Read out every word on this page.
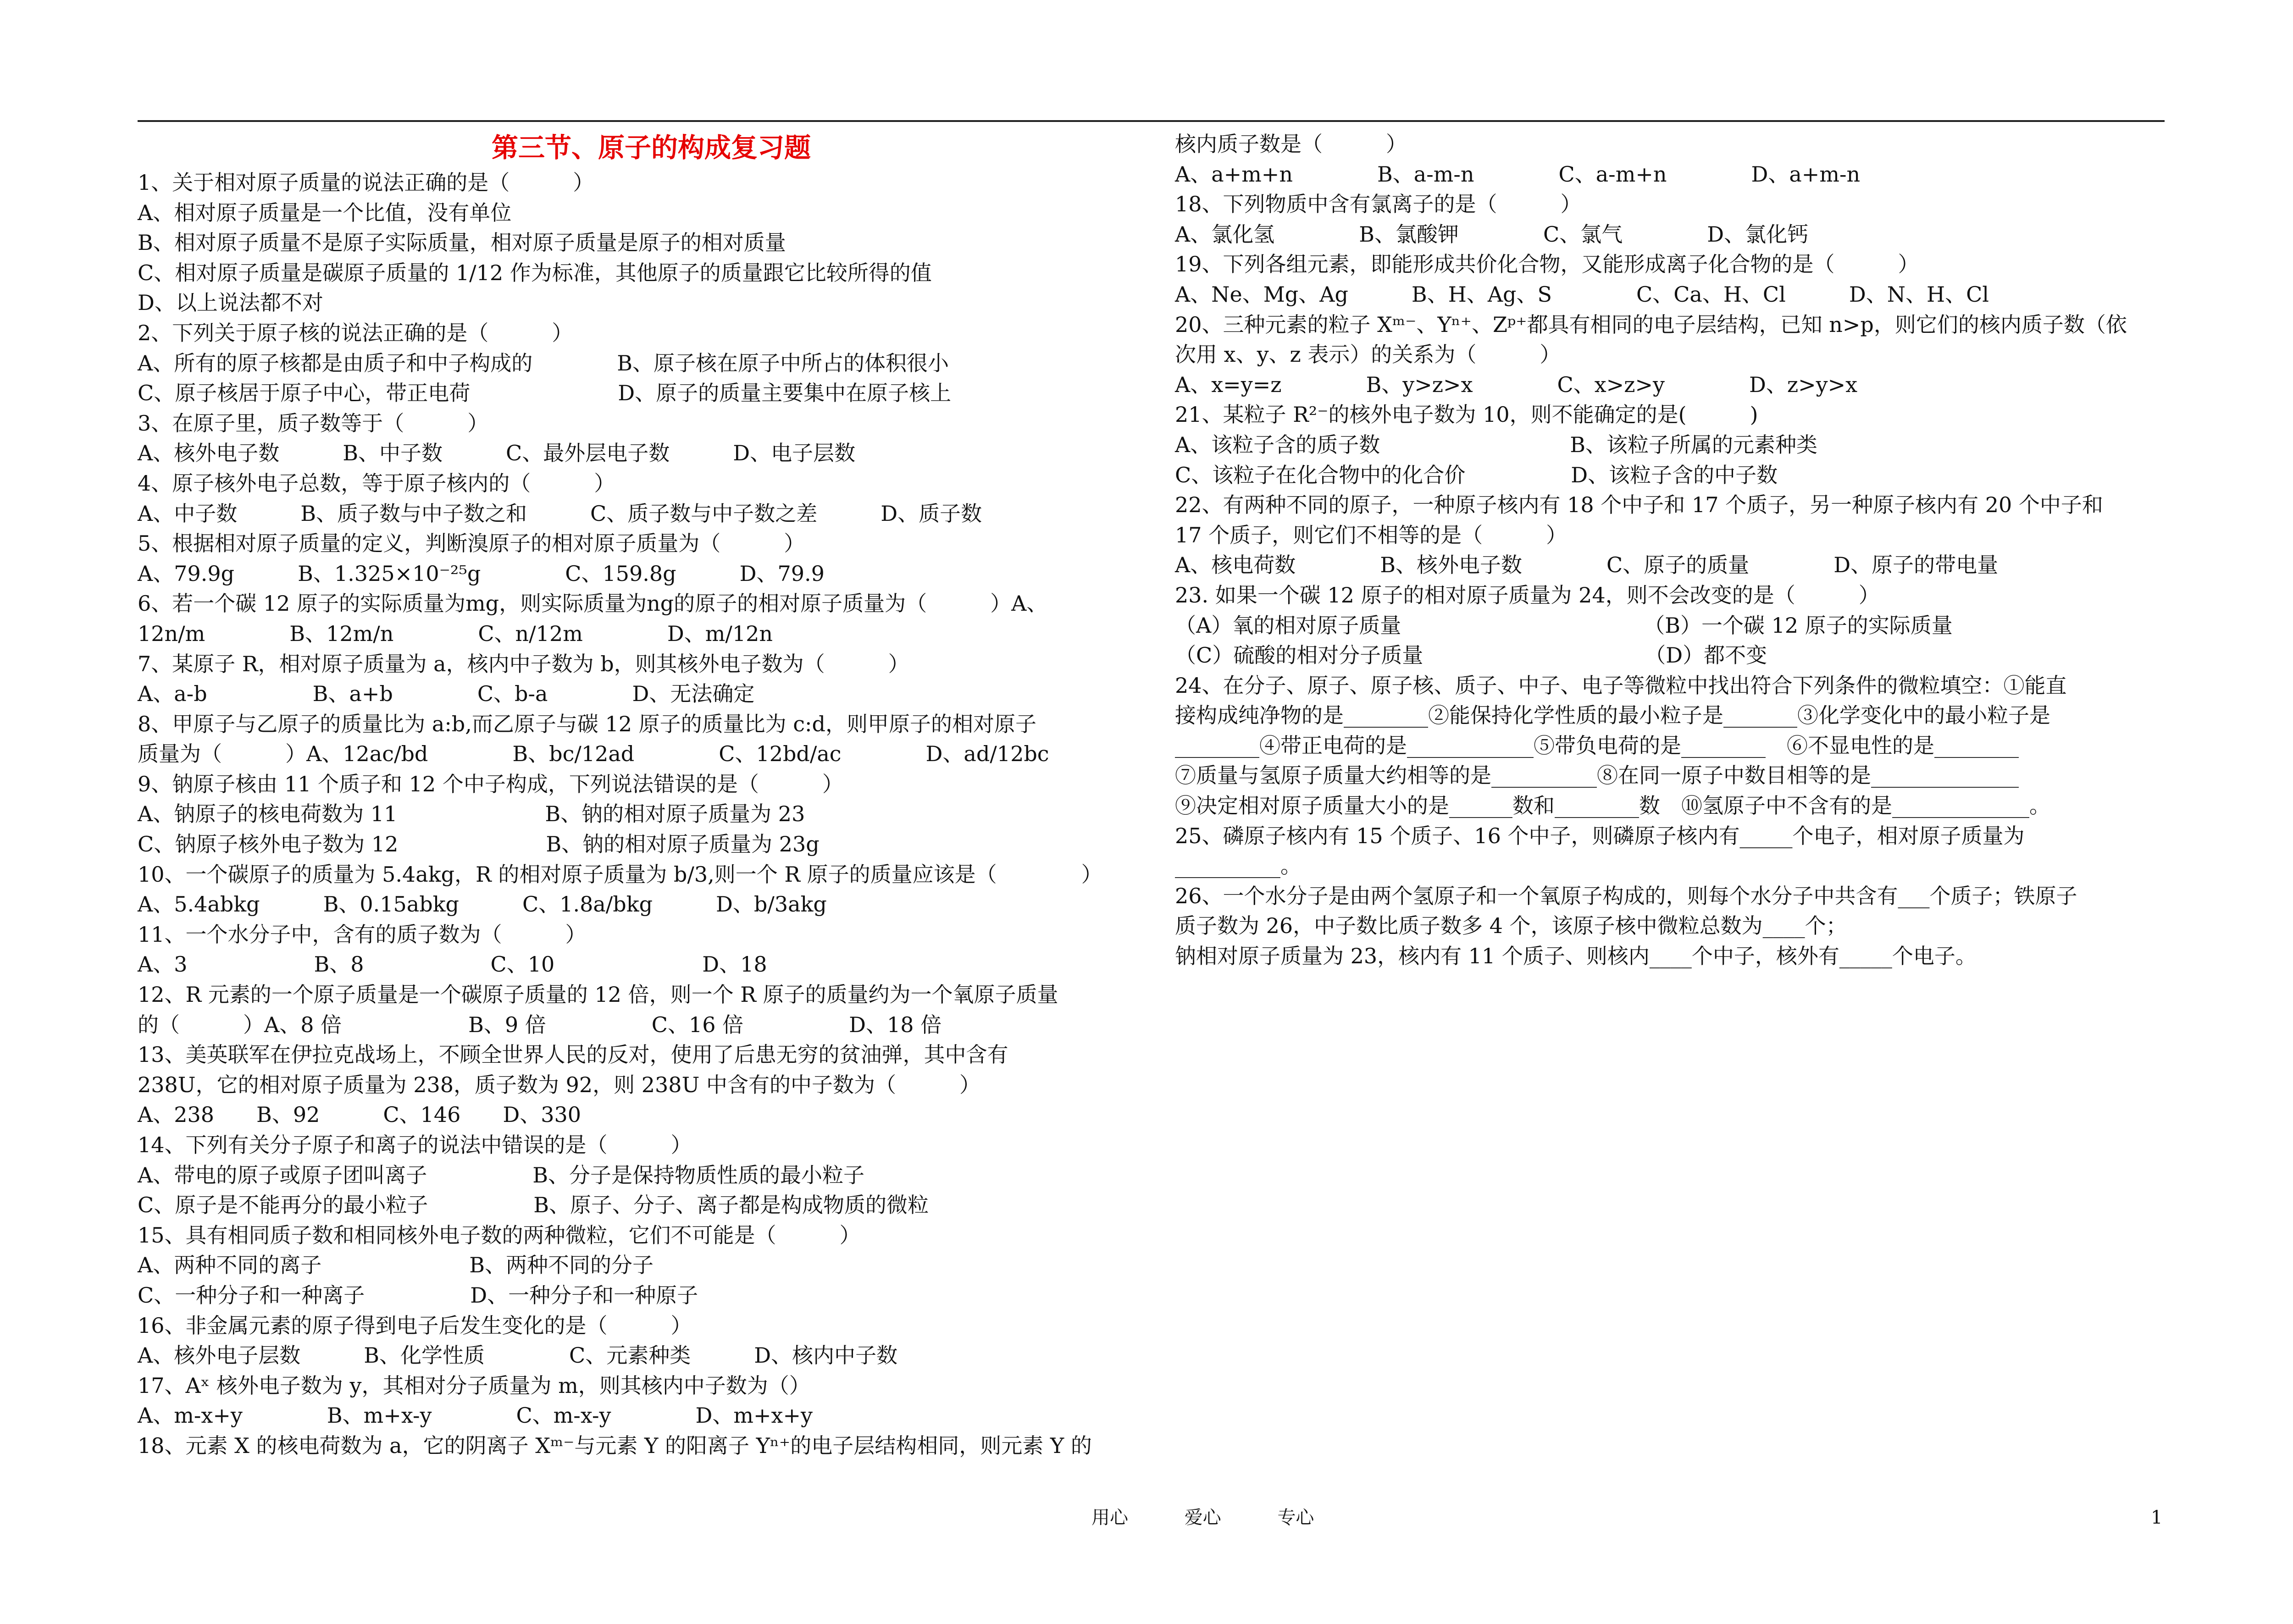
第三节、原子的构成复习题
1、关于相对原子质量的说法正确的是（　　　）
A、相对原子质量是一个比值，没有单位
B、相对原子质量不是原子实际质量，相对原子质量是原子的相对质量
C、相对原子质量是碳原子质量的 1/12 作为标准，其他原子的质量跟它比较所得的值
D、以上说法都不对
2、下列关于原子核的说法正确的是（　　　）
A、所有的原子核都是由质子和中子构成的　　　　B、原子核在原子中所占的体积很小
C、原子核居于原子中心，带正电荷　　　　　　　D、原子的质量主要集中在原子核上
3、在原子里，质子数等于（　　　）
A、核外电子数　　　B、中子数　　　C、最外层电子数　　　D、电子层数
4、原子核外电子总数，等于原子核内的（　　　）
A、中子数　　　B、质子数与中子数之和　　　C、质子数与中子数之差　　　D、质子数
5、根据相对原子质量的定义，判断溴原子的相对原子质量为（　　　）
A、79.9g　　　B、1.325×10⁻²⁵g　　　　C、159.8g　　　D、79.9
6、若一个碳 12 原子的实际质量为mg，则实际质量为ng的原子的相对原子质量为（　　　）A、
12n/m　　　　B、12m/n　　　　C、n/12m　　　　D、m/12n
7、某原子 R，相对原子质量为 a，核内中子数为 b，则其核外电子数为（　　　）
A、a-b　　　　　B、a+b　　　　C、b-a　　　　D、无法确定
8、甲原子与乙原子的质量比为 a:b,而乙原子与碳 12 原子的质量比为 c:d，则甲原子的相对原子
质量为（　　　）A、12ac/bd　　　　B、bc/12ad　　　　C、12bd/ac　　　　D、ad/12bc
9、钠原子核由 11 个质子和 12 个中子构成，下列说法错误的是（　　　）
A、钠原子的核电荷数为 11　　　　　　　B、钠的相对原子质量为 23
C、钠原子核外电子数为 12　　　　　　　B、钠的相对原子质量为 23g
10、一个碳原子的质量为 5.4akg，R 的相对原子质量为 b/3,则一个 R 原子的质量应该是（　　　　）
A、5.4abkg　　　B、0.15abkg　　　C、1.8a/bkg　　　D、b/3akg
11、一个水分子中，含有的质子数为（　　　）
A、3　　　　　　B、8　　　　　　C、10　　　　　　　D、18
12、R 元素的一个原子质量是一个碳原子质量的 12 倍，则一个 R 原子的质量约为一个氧原子质量
的（　　　）A、8 倍　　　　　　B、9 倍　　　　　C、16 倍　　　　　D、18 倍
13、美英联军在伊拉克战场上，不顾全世界人民的反对，使用了后患无穷的贫油弹，其中含有
238U，它的相对原子质量为 238，质子数为 92，则 238U 中含有的中子数为（　　　）
A、238　　B、92　　　C、146　　D、330
14、下列有关分子原子和离子的说法中错误的是（　　　）
A、带电的原子或原子团叫离子　　　　　B、分子是保持物质性质的最小粒子
C、原子是不能再分的最小粒子　　　　　B、原子、分子、离子都是构成物质的微粒
15、具有相同质子数和相同核外电子数的两种微粒，它们不可能是（　　　）
A、两种不同的离子　　　　　　　B、两种不同的分子
C、一种分子和一种离子　　　　　D、一种分子和一种原子
16、非金属元素的原子得到电子后发生变化的是（　　　）
A、核外电子层数　　　B、化学性质　　　　C、元素种类　　　D、核内中子数
17、Aˣ 核外电子数为 y，其相对分子质量为 m，则其核内中子数为（）
A、m-x+y　　　　B、m+x-y　　　　C、m-x-y　　　　D、m+x+y
18、元素 X 的核电荷数为 a，它的阴离子 Xᵐ⁻与元素 Y 的阳离子 Yⁿ⁺的电子层结构相同，则元素 Y 的
核内质子数是（　　　）
A、a+m+n　　　　B、a-m-n　　　　C、a-m+n　　　　D、a+m-n
18、下列物质中含有氯离子的是（　　　）
A、氯化氢　　　　B、氯酸钾　　　　C、氯气　　　　D、氯化钙
19、下列各组元素，即能形成共价化合物，又能形成离子化合物的是（　　　）
A、Ne、Mg、Ag　　　B、H、Ag、S　　　　C、Ca、H、Cl　　　D、N、H、Cl
20、三种元素的粒子 Xᵐ⁻、Yⁿ⁺、Zᵖ⁺都具有相同的电子层结构，已知 n>p，则它们的核内质子数（依
次用 x、y、z 表示）的关系为（　　　）
A、x=y=z　　　　B、y>z>x　　　　C、x>z>y　　　　D、z>y>x
21、某粒子 R²⁻的核外电子数为 10，则不能确定的是(　　　)
A、该粒子含的质子数　　　　　　　　　B、该粒子所属的元素种类
C、该粒子在化合物中的化合价　　　　　D、该粒子含的中子数
22、有两种不同的原子，一种原子核内有 18 个中子和 17 个质子，另一种原子核内有 20 个中子和
17 个质子，则它们不相等的是（　　　）
A、核电荷数　　　　B、核外电子数　　　　C、原子的质量　　　　D、原子的带电量
23. 如果一个碳 12 原子的相对原子质量为 24，则不会改变的是（　　　）
（A）氧的相对原子质量　　　　　　　　　　　　（B）一个碳 12 原子的实际质量
（C）硫酸的相对分子质量　　　　　　　　　　　（D）都不变
24、在分子、原子、原子核、质子、中子、电子等微粒中找出符合下列条件的微粒填空：①能直
接构成纯净物的是________②能保持化学性质的最小粒子是_______③化学变化中的最小粒子是
________④带正电荷的是____________⑤带负电荷的是________　⑥不显电性的是________
⑦质量与氢原子质量大约相等的是__________⑧在同一原子中数目相等的是______________
⑨决定相对原子质量大小的是______数和________数　⑩氢原子中不含有的是_____________。
25、磷原子核内有 15 个质子、16 个中子，则磷原子核内有_____个电子，相对原子质量为
__________。
26、一个水分子是由两个氢原子和一个氧原子构成的，则每个水分子中共含有___个质子；铁原子
质子数为 26，中子数比质子数多 4 个，该原子核中微粒总数为____个；
钠相对原子质量为 23，核内有 11 个质子、则核内____个中子，核外有_____个电子。
用心	爱心	专心	1
